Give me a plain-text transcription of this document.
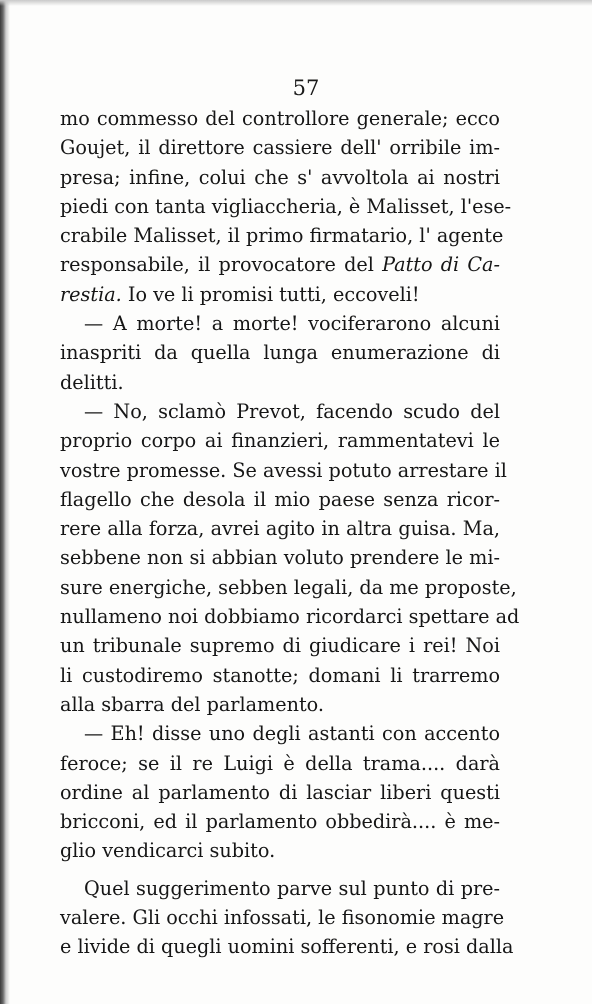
57
mo commesso del controllore generale; ecco
Goujet, il direttore cassiere dell' orribile im-
presa; infine, colui che s' avvoltola ai nostri
piedi con tanta vigliaccheria, è Malisset, l'ese-
crabile Malisset, il primo firmatario, l' agente
responsabile, il provocatore del Patto di Ca-
restia. Io ve li promisi tutti, eccoveli!
— A morte! a morte! vociferarono alcuni
inaspriti da quella lunga enumerazione di
delitti.
— No, sclamò Prevot, facendo scudo del
proprio corpo ai finanzieri, rammentatevi le
vostre promesse. Se avessi potuto arrestare il
flagello che desola il mio paese senza ricor-
rere alla forza, avrei agito in altra guisa. Ma,
sebbene non si abbian voluto prendere le mi-
sure energiche, sebben legali, da me proposte,
nullameno noi dobbiamo ricordarci spettare ad
un tribunale supremo di giudicare i rei! Noi
li custodiremo stanotte; domani li trarremo
alla sbarra del parlamento.
— Eh! disse uno degli astanti con accento
feroce; se il re Luigi è della trama.... darà
ordine al parlamento di lasciar liberi questi
bricconi, ed il parlamento obbedirà.... è me-
glio vendicarci subito.
Quel suggerimento parve sul punto di pre-
valere. Gli occhi infossati, le fisonomie magre
e livide di quegli uomini sofferenti, e rosi dalla
